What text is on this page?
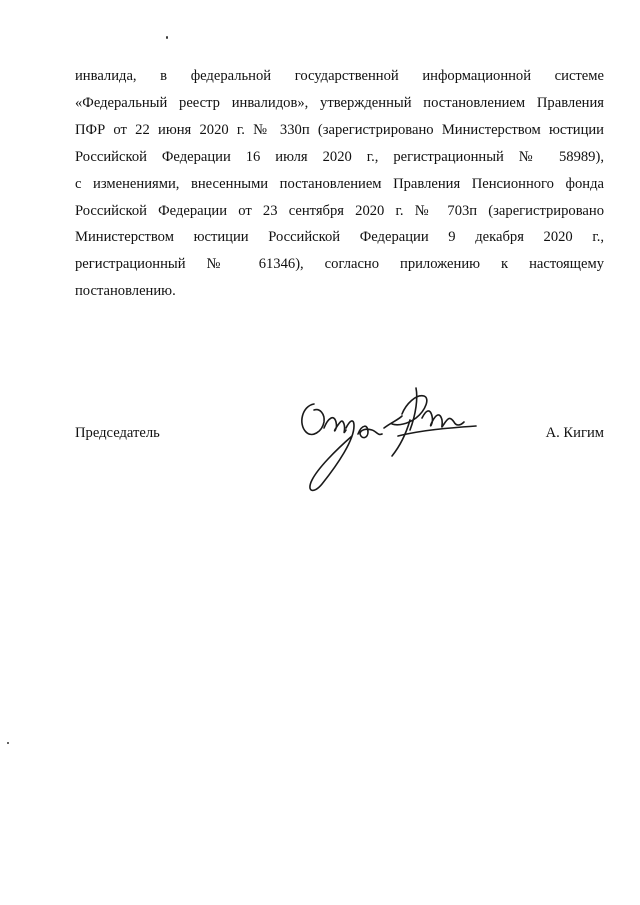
инвалида, в федеральной государственной информационной системе
«Федеральный реестр инвалидов», утвержденный постановлением Правления
ПФР от 22 июня 2020 г. № 330п (зарегистрировано Министерством юстиции
Российской Федерации 16 июля 2020 г., регистрационный № 58989),
с изменениями, внесенными постановлением Правления Пенсионного фонда
Российской Федерации от 23 сентября 2020 г. № 703п (зарегистрировано
Министерством юстиции Российской Федерации 9 декабря 2020 г.,
регистрационный № 61346), согласно приложению к настоящему
постановлению.
Председатель	А. Кигим
